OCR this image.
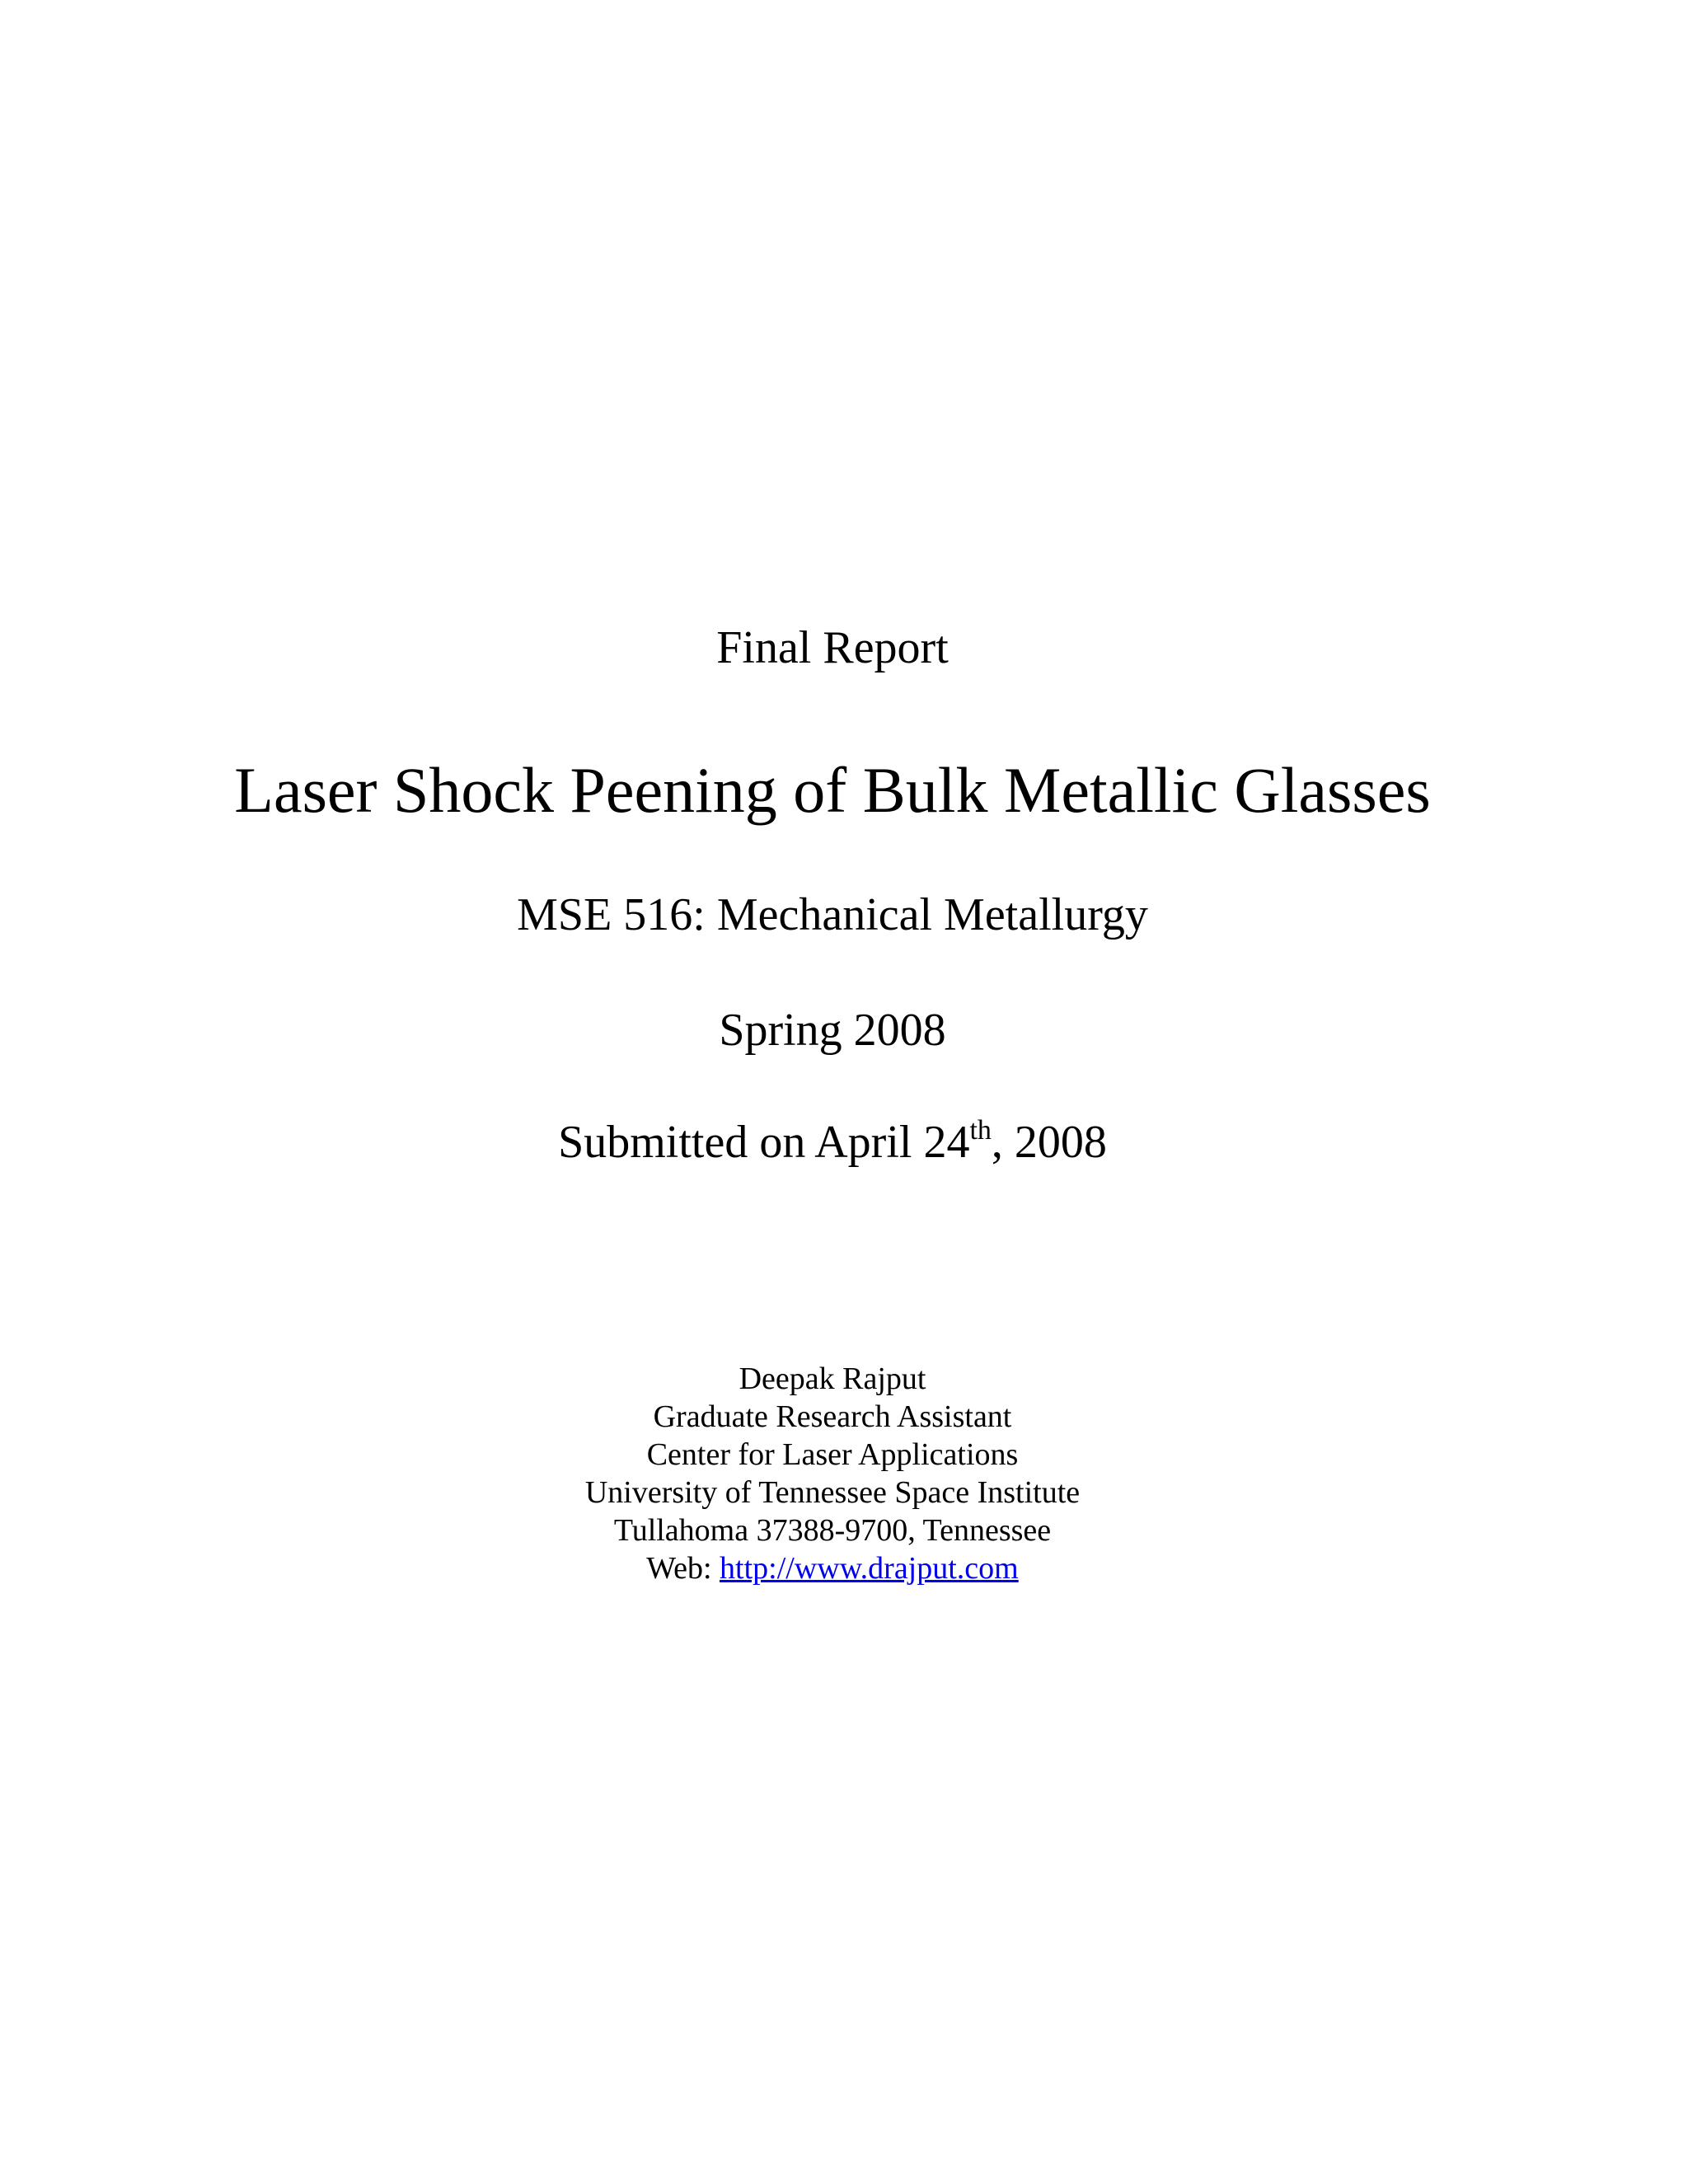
Final Report
Laser Shock Peening of Bulk Metallic Glasses
MSE 516: Mechanical Metallurgy
Spring 2008
Submitted on April 24th, 2008
Deepak Rajput
Graduate Research Assistant
Center for Laser Applications
University of Tennessee Space Institute
Tullahoma 37388-9700, Tennessee
Web: http://www.drajput.com
